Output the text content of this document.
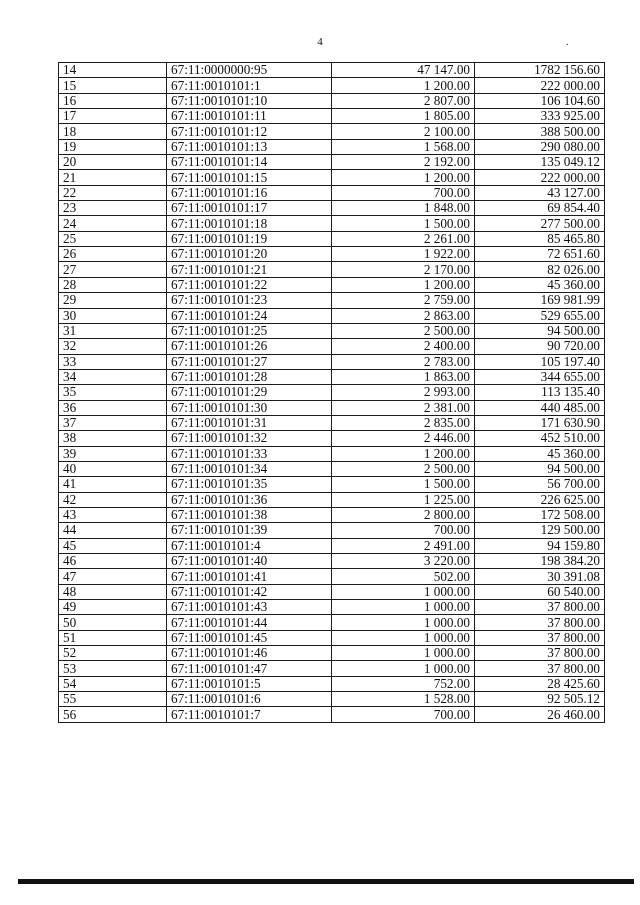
4	.
14	67:11:0000000:95	47 147.00	1782 156.60
15	67:11:0010101:1	1 200.00	222 000.00
16	67:11:0010101:10	2 807.00	106 104.60
17	67:11:0010101:11	1 805.00	333 925.00
18	67:11:0010101:12	2 100.00	388 500.00
19	67:11:0010101:13	1 568.00	290 080.00
20	67:11:0010101:14	2 192.00	135 049.12
21	67:11:0010101:15	1 200.00	222 000.00
22	67:11:0010101:16	700.00	43 127.00
23	67:11:0010101:17	1 848.00	69 854.40
24	67:11:0010101:18	1 500.00	277 500.00
25	67:11:0010101:19	2 261.00	85 465.80
26	67:11:0010101:20	1 922.00	72 651.60
27	67:11:0010101:21	2 170.00	82 026.00
28	67:11:0010101:22	1 200.00	45 360.00
29	67:11:0010101:23	2 759.00	169 981.99
30	67:11:0010101:24	2 863.00	529 655.00
31	67:11:0010101:25	2 500.00	94 500.00
32	67:11:0010101:26	2 400.00	90 720.00
33	67:11:0010101:27	2 783.00	105 197.40
34	67:11:0010101:28	1 863.00	344 655.00
35	67:11:0010101:29	2 993.00	113 135.40
36	67:11:0010101:30	2 381.00	440 485.00
37	67:11:0010101:31	2 835.00	171 630.90
38	67:11:0010101:32	2 446.00	452 510.00
39	67:11:0010101:33	1 200.00	45 360.00
40	67:11:0010101:34	2 500.00	94 500.00
41	67:11:0010101:35	1 500.00	56 700.00
42	67:11:0010101:36	1 225.00	226 625.00
43	67:11:0010101:38	2 800.00	172 508.00
44	67:11:0010101:39	700.00	129 500.00
45	67:11:0010101:4	2 491.00	94 159.80
46	67:11:0010101:40	3 220.00	198 384.20
47	67:11:0010101:41	502.00	30 391.08
48	67:11:0010101:42	1 000.00	60 540.00
49	67:11:0010101:43	1 000.00	37 800.00
50	67:11:0010101:44	1 000.00	37 800.00
51	67:11:0010101:45	1 000.00	37 800.00
52	67:11:0010101:46	1 000.00	37 800.00
53	67:11:0010101:47	1 000.00	37 800.00
54	67:11:0010101:5	752.00	28 425.60
55	67:11:0010101:6	1 528.00	92 505.12
56	67:11:0010101:7	700.00	26 460.00
